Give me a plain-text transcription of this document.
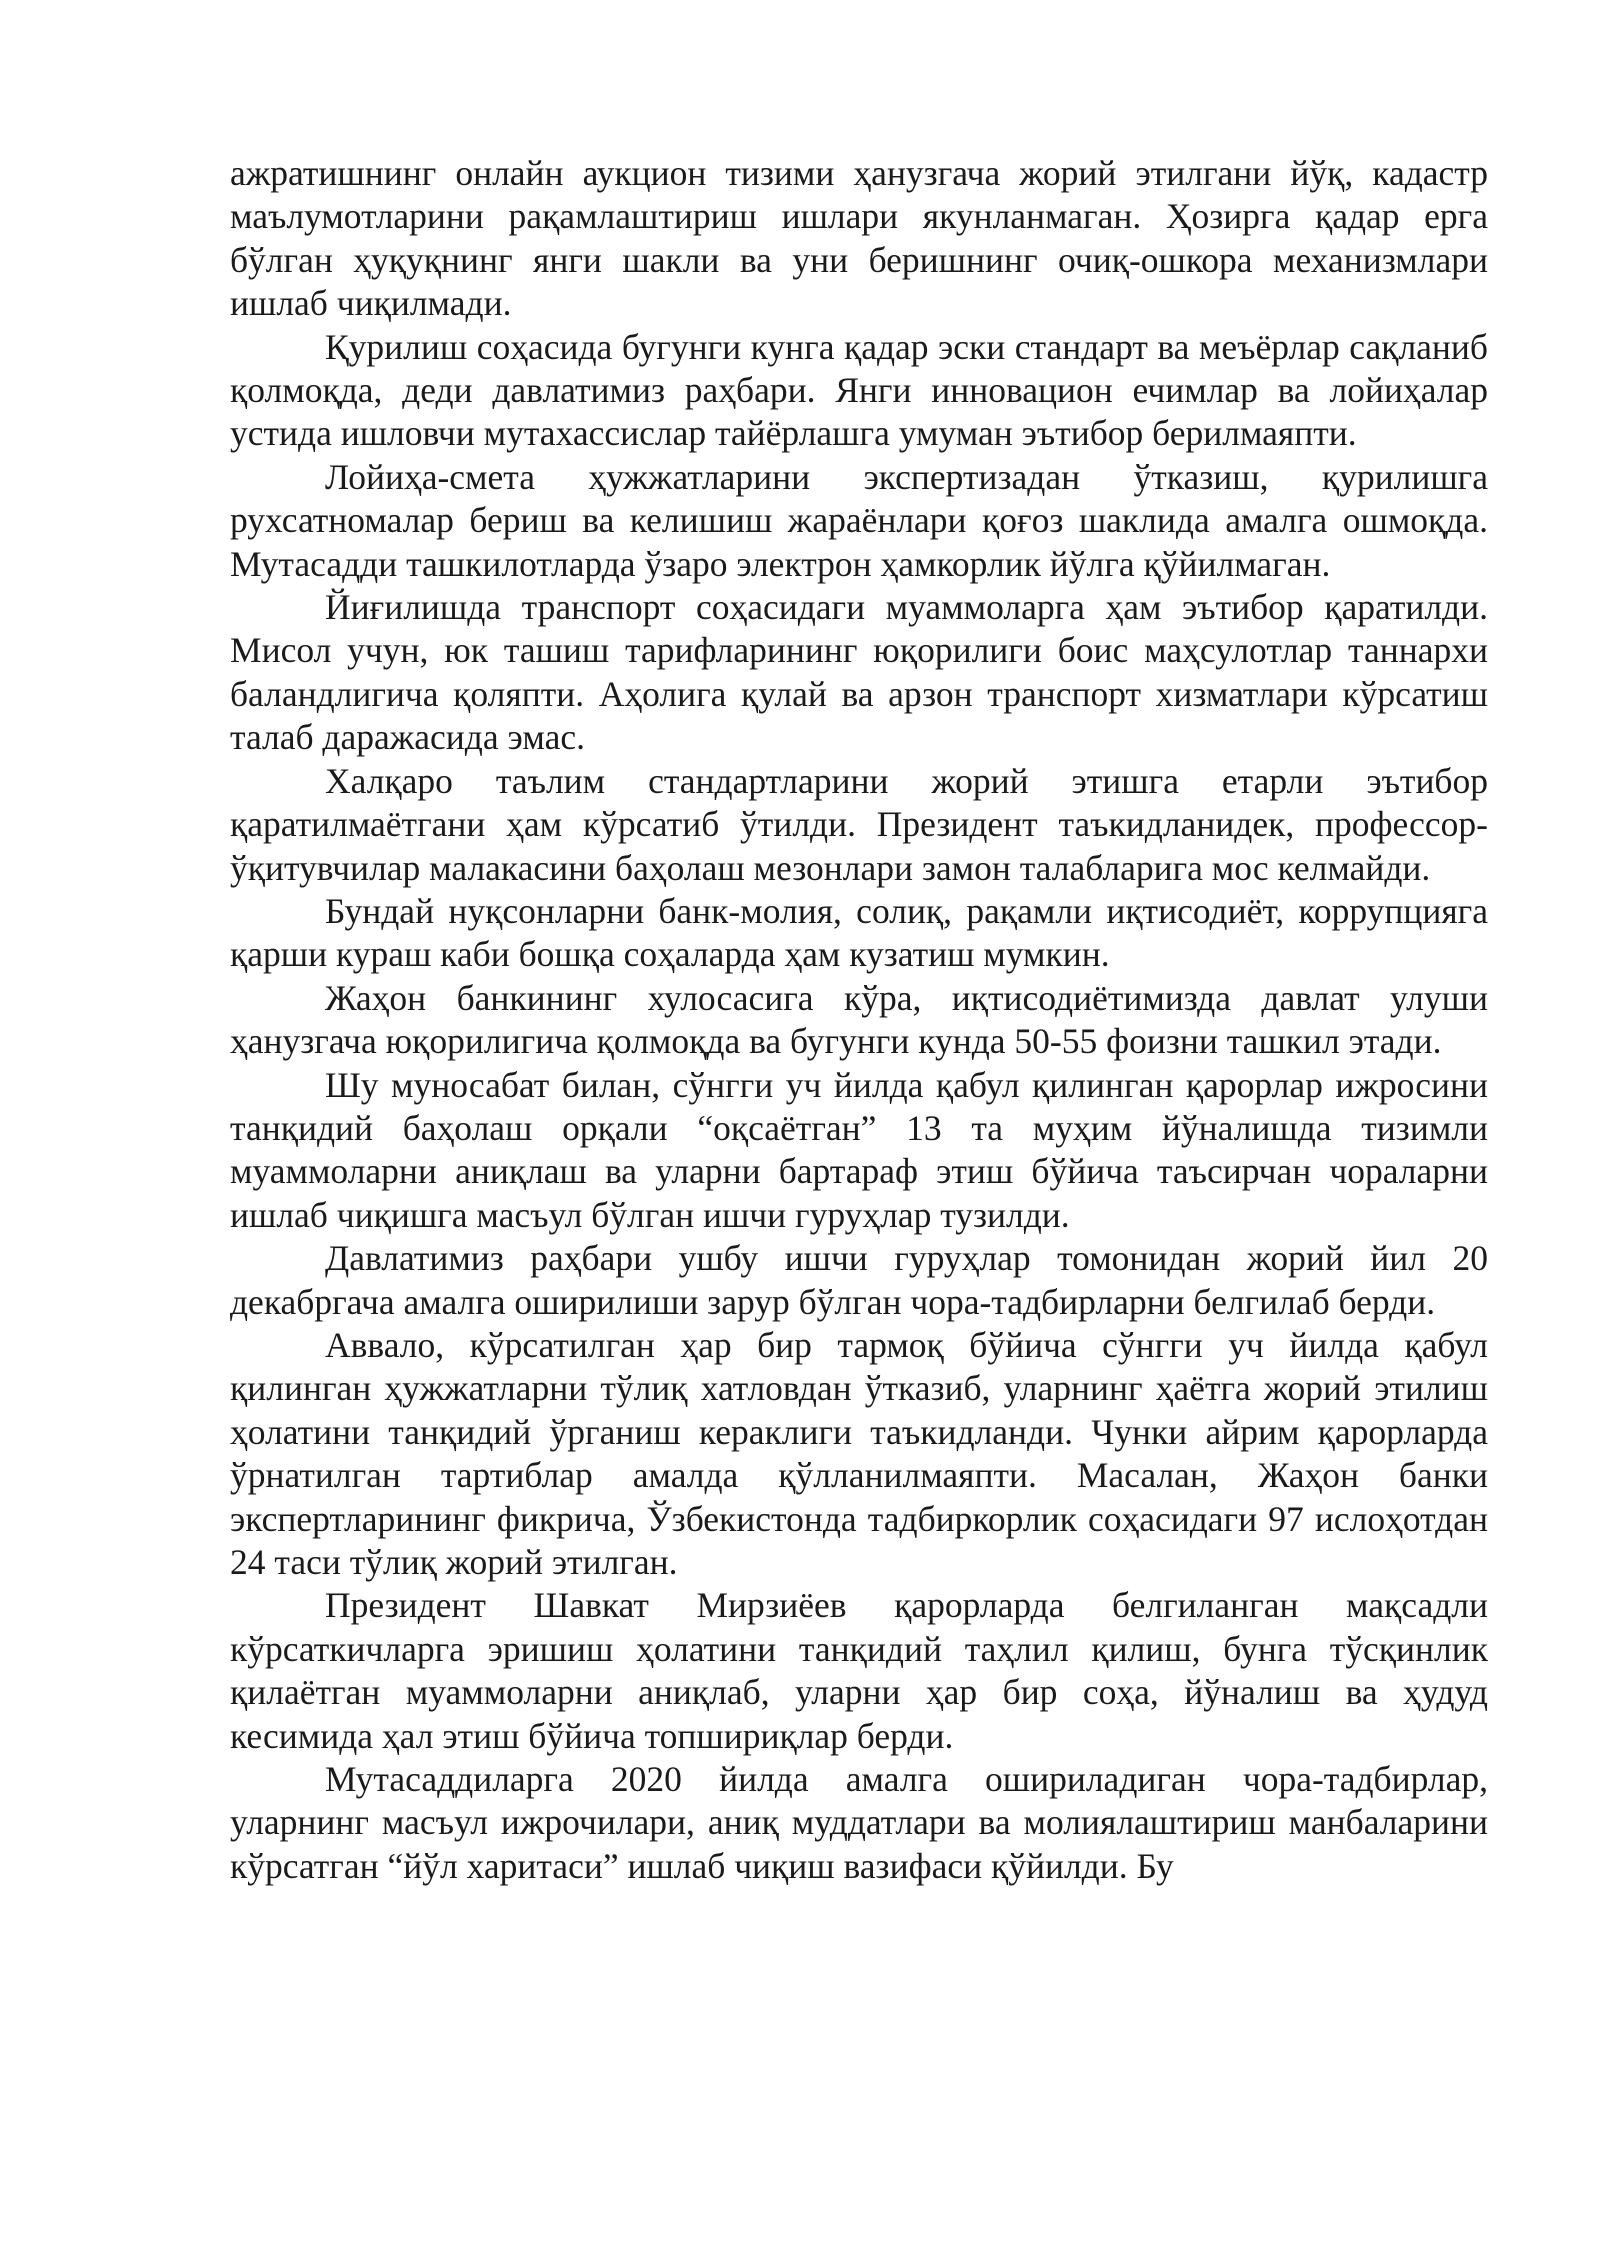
ажратишнинг онлайн аукцион тизими ҳанузгача жорий этилгани йўқ, кадастр маълумотларини рақамлаштириш ишлари якунланмаган. Ҳозирга қадар ерга бўлган ҳуқуқнинг янги шакли ва уни беришнинг очиқ-ошкора механизмлари ишлаб чиқилмади.

Қурилиш соҳасида бугунги кунга қадар эски стандарт ва меъёрлар сақланиб қолмоқда, деди давлатимиз раҳбари. Янги инновацион ечимлар ва лойиҳалар устида ишловчи мутахассислар тайёрлашга умуман эътибор берилмаяпти.

Лойиҳа-смета ҳужжатларини экспертизадан ўтказиш, қурилишга рухсатномалар бериш ва келишиш жараёнлари қоғоз шаклида амалга ошмоқда. Мутасадди ташкилотларда ўзаро электрон ҳамкорлик йўлга қўйилмаган.

Йиғилишда транспорт соҳасидаги муаммоларга ҳам эътибор қаратилди. Мисол учун, юк ташиш тарифларининг юқорилиги боис маҳсулотлар таннархи баландлигича қоляпти. Аҳолига қулай ва арзон транспорт хизматлари кўрсатиш талаб даражасида эмас.

Халқаро таълим стандартларини жорий этишга етарли эътибор қаратилмаётгани ҳам кўрсатиб ўтилди. Президент таъкидланидек, профессор-ўқитувчилар малакасини баҳолаш мезонлари замон талабларига мос келмайди.

Бундай нуқсонларни банк-молия, солиқ, рақамли иқтисодиёт, коррупцияга қарши кураш каби бошқа соҳаларда ҳам кузатиш мумкин.

Жаҳон банкининг хулосасига кўра, иқтисодиётимизда давлат улуши ҳанузгача юқорилигича қолмоқда ва бугунги кунда 50-55 фоизни ташкил этади.

Шу муносабат билан, сўнгги уч йилда қабул қилинган қарорлар ижросини танқидий баҳолаш орқали “оқсаётган” 13 та муҳим йўналишда тизимли муаммоларни аниқлаш ва уларни бартараф этиш бўйича таъсирчан чораларни ишлаб чиқишга масъул бўлган ишчи гуруҳлар тузилди.

Давлатимиз раҳбари ушбу ишчи гуруҳлар томонидан жорий йил 20 декабргача амалга оширилиши зарур бўлган чора-тадбирларни белгилаб берди.

Аввало, кўрсатилган ҳар бир тармоқ бўйича сўнгги уч йилда қабул қилинган ҳужжатларни тўлиқ хатловдан ўтказиб, уларнинг ҳаётга жорий этилиш ҳолатини танқидий ўрганиш кераклиги таъкидланди. Чунки айрим қарорларда ўрнатилган тартиблар амалда қўлланилмаяпти. Масалан, Жаҳон банки экспертларининг фикрича, Ўзбекистонда тадбиркорлик соҳасидаги 97 ислоҳотдан 24 таси тўлиқ жорий этилган.

Президент Шавкат Мирзиёев қарорларда белгиланган мақсадли кўрсаткичларга эришиш ҳолатини танқидий таҳлил қилиш, бунга тўсқинлик қилаётган муаммоларни аниқлаб, уларни ҳар бир соҳа, йўналиш ва ҳудуд кесимида ҳал этиш бўйича топшириқлар берди.

Мутасаддиларга 2020 йилда амалга ошириладиган чора-тадбирлар, уларнинг масъул ижрочилари, аниқ муддатлари ва молиялаштириш манбаларини кўрсатган “йўл харитаси” ишлаб чиқиш вазифаси қўйилди. Бу
